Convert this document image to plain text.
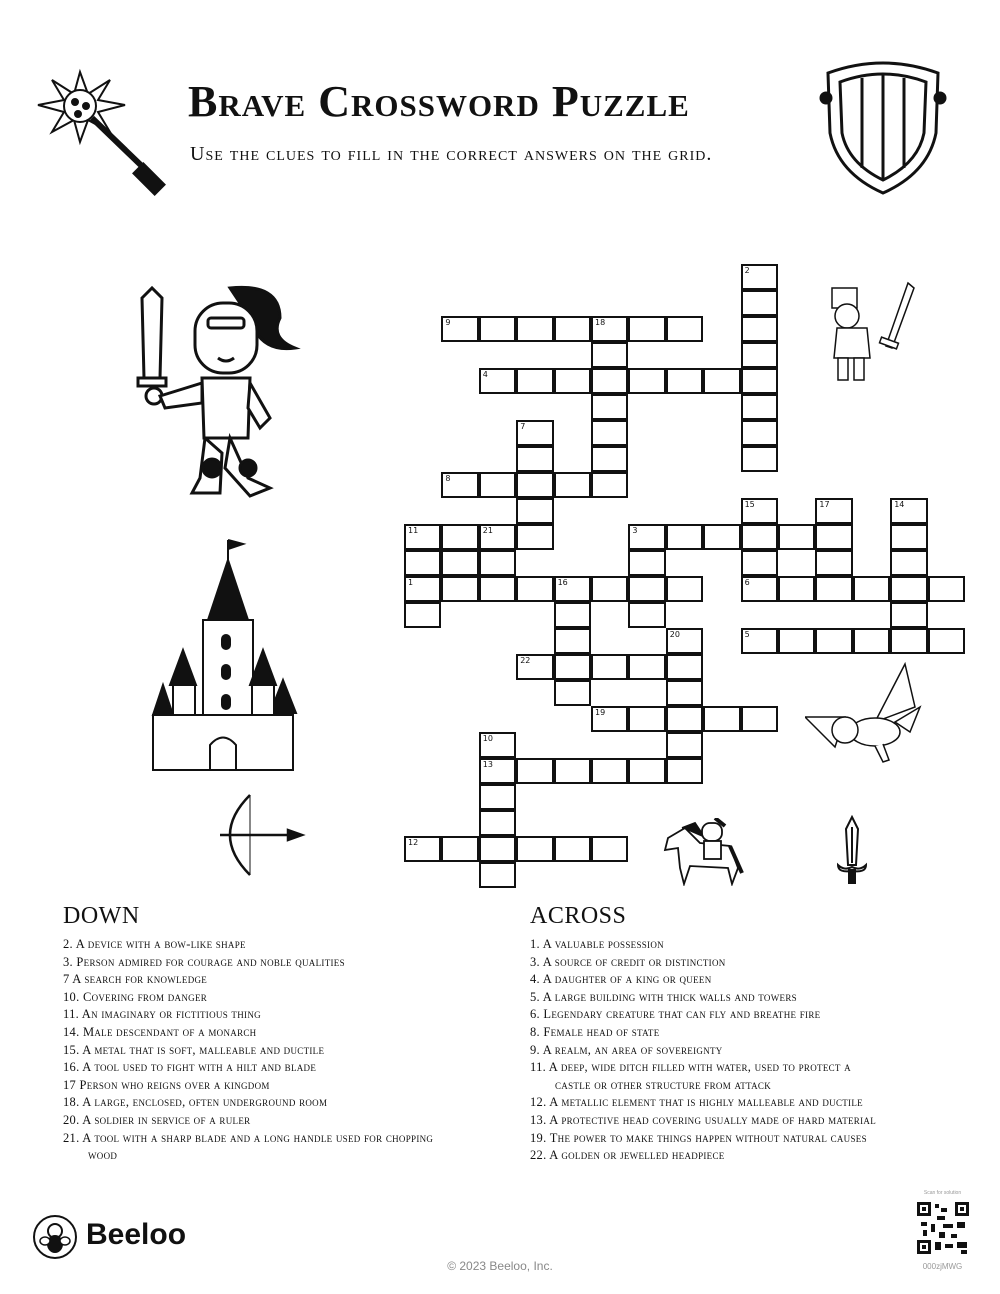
Brave Crossword Puzzle
Use the clues to fill in the correct answers on the grid.
2
9	18
4
7
8
15
6
17	14
11	21
1
3
16
20	5
22
19
10
13
12
DOWN
2. A device with a bow-like shape
3. Person admired for courage and noble qualities
7 A search for knowledge
10. Covering from danger
11. An imaginary or fictitious thing
14. Male descendant of a monarch
15. A metal that is soft, malleable and ductile
16. A tool used to fight with a hilt and blade
17 Person who reigns over a kingdom
18. A large, enclosed, often underground room
20. A soldier in service of a ruler
21. A tool with a sharp blade and a long handle used for chopping
wood
ACROSS
1. A valuable possession
3. A source of credit or distinction
4. A daughter of a king or queen
5. A large building with thick walls and towers
6. Legendary creature that can fly and breathe fire
8. Female head of state
9. A realm, an area of sovereignty
11. A deep, wide ditch filled with water, used to protect a
castle or other structure from attack
12. A metallic element that is highly malleable and ductile
13. A protective head covering usually made of hard material
19. The power to make things happen without natural causes
22. A golden or jewelled headpiece
Beeloo
© 2023 Beeloo, Inc.
Scan for solution
000zjMWG
